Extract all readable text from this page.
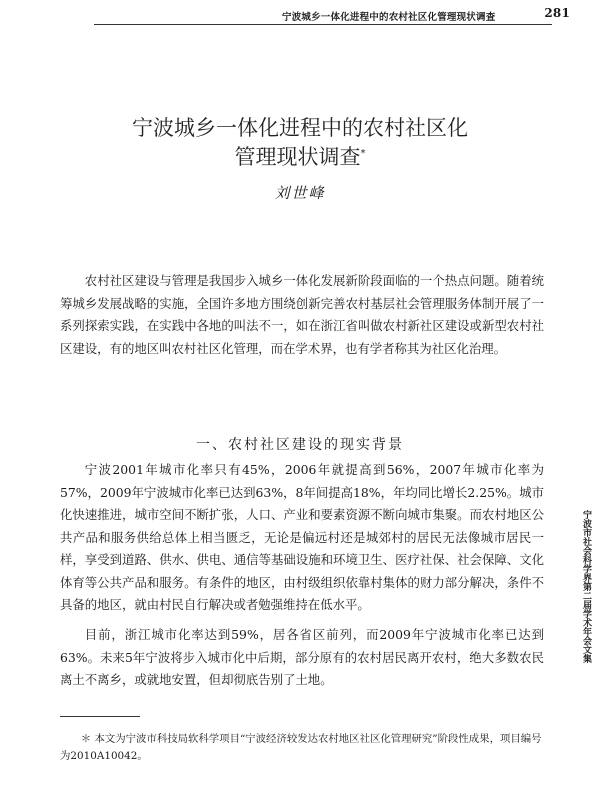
宁波城乡一体化进程中的农村社区化管理现状调查	281
宁波城乡一体化进程中的农村社区化
管理现状调查*
刘世峰

农村社区建设与管理是我国步入城乡一体化发展新阶段面临的一个热点问题。随着统筹城乡发展战略的实施，全国许多地方围绕创新完善农村基层社会管理服务体制开展了一系列探索实践，在实践中各地的叫法不一，如在浙江省叫做农村新社区建设或新型农村社区建设，有的地区叫农村社区化管理，而在学术界，也有学者称其为社区化治理。

一、农村社区建设的现实背景

宁波2001年城市化率只有45%，2006年就提高到56%，2007年城市化率为57%，2009年宁波城市化率已达到63%，8年间提高18%，年均同比增长2.25%。城市化快速推进，城市空间不断扩张，人口、产业和要素资源不断向城市集聚。而农村地区公共产品和服务供给总体上相当匮乏，无论是偏远村还是城郊村的居民无法像城市居民一样，享受到道路、供水、供电、通信等基础设施和环境卫生、医疗社保、社会保障、文化体育等公共产品和服务。有条件的地区，由村级组织依靠村集体的财力部分解决，条件不具备的地区，就由村民自行解决或者勉强维持在低水平。

目前，浙江城市化率达到59%，居各省区前列，而2009年宁波城市化率已达到63%。未来5年宁波将步入城市化中后期，部分原有的农村居民离开农村，绝大多数农民离土不离乡，或就地安置，但却彻底告别了土地。

宁波市社会科学界第二届学术年会文集

＊ 本文为宁波市科技局软科学项目“宁波经济较发达农村地区社区化管理研究”阶段性成果，项目编号为2010A10042。
